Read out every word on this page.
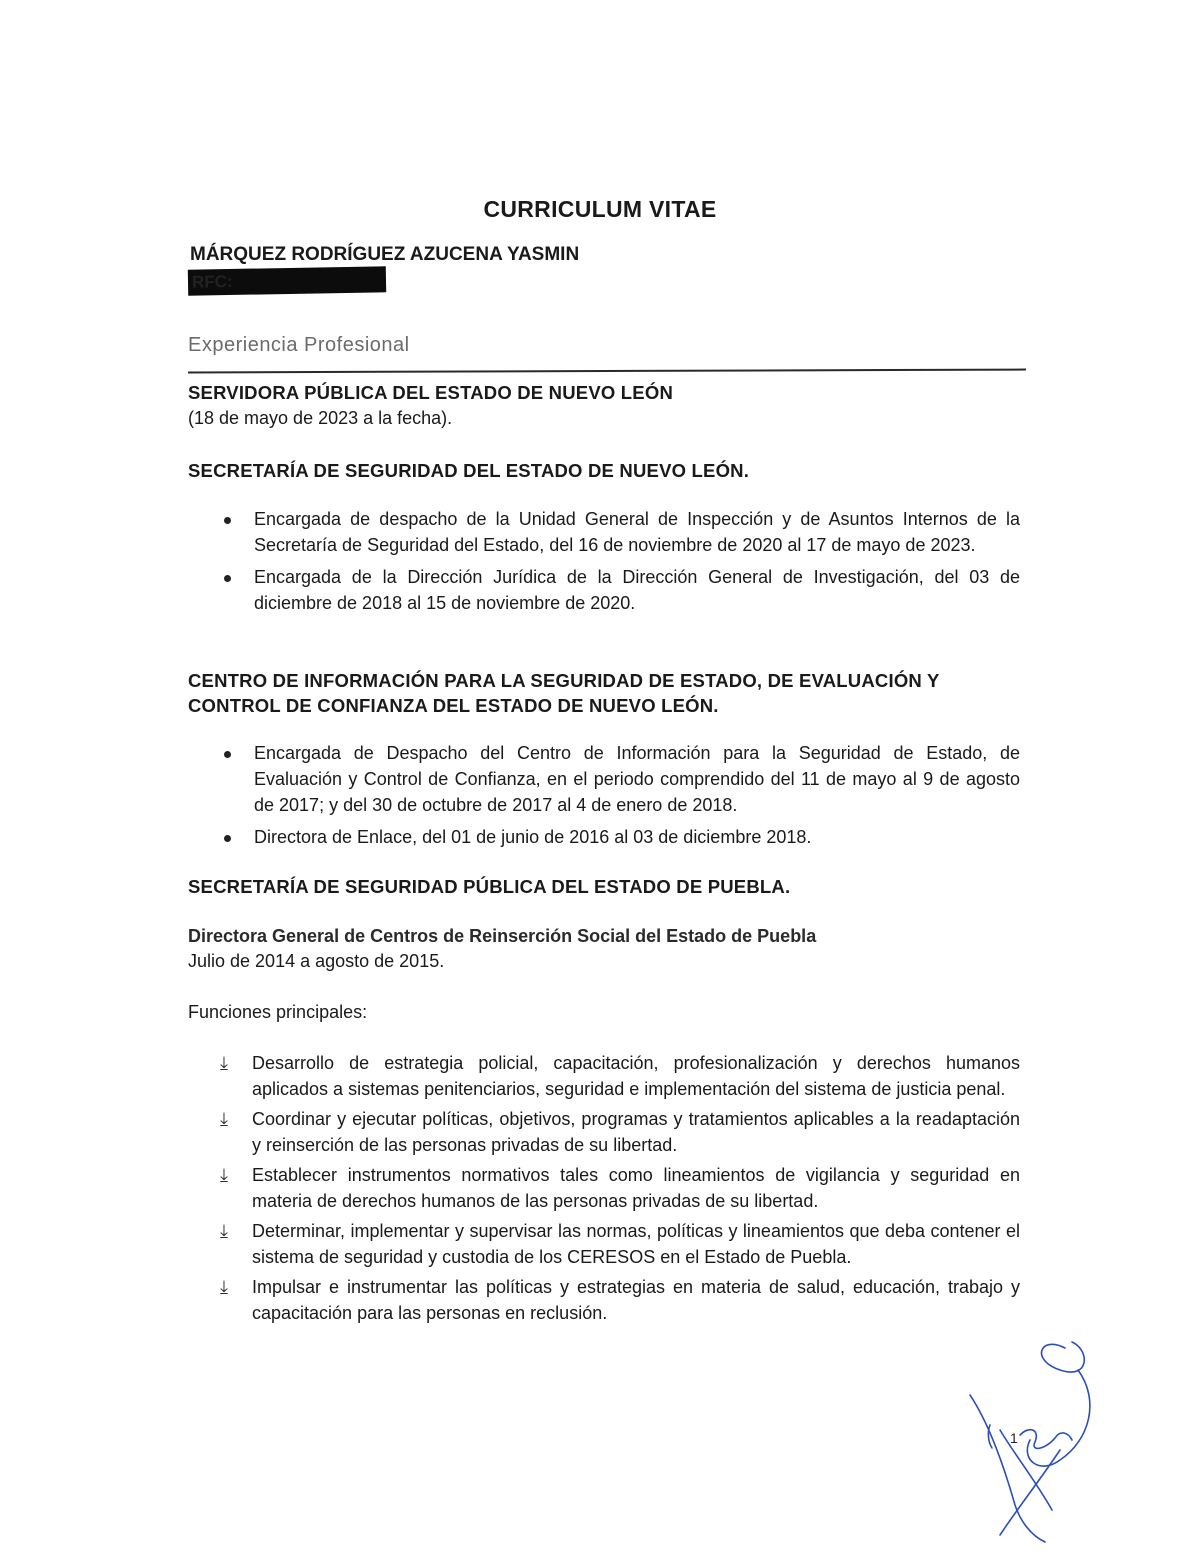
CURRICULUM VITAE
MÁRQUEZ RODRÍGUEZ AZUCENA YASMIN
RFC:
Experiencia Profesional
SERVIDORA PÚBLICA DEL ESTADO DE NUEVO LEÓN
(18 de mayo de 2023 a la fecha).
SECRETARÍA DE SEGURIDAD DEL ESTADO DE NUEVO LEÓN.
Encargada de despacho de la Unidad General de Inspección y de Asuntos Internos de la Secretaría de Seguridad del Estado, del 16 de noviembre de 2020 al 17 de mayo de 2023.
Encargada de la Dirección Jurídica de la Dirección General de Investigación, del 03 de diciembre de 2018 al 15 de noviembre de 2020.
CENTRO DE INFORMACIÓN PARA LA SEGURIDAD DE ESTADO, DE EVALUACIÓN Y
CONTROL DE CONFIANZA DEL ESTADO DE NUEVO LEÓN.
Encargada de Despacho del Centro de Información para la Seguridad de Estado, de Evaluación y Control de Confianza, en el periodo comprendido del 11 de mayo al 9 de agosto de 2017; y del 30 de octubre de 2017 al 4 de enero de 2018.
Directora de Enlace, del 01 de junio de 2016 al 03 de diciembre 2018.
SECRETARÍA DE SEGURIDAD PÚBLICA DEL ESTADO DE PUEBLA.
Directora General de Centros de Reinserción Social del Estado de Puebla
Julio de 2014 a agosto de 2015.
Funciones principales:
⤓ Desarrollo de estrategia policial, capacitación, profesionalización y derechos humanos aplicados a sistemas penitenciarios, seguridad e implementación del sistema de justicia penal.
⤓ Coordinar y ejecutar políticas, objetivos, programas y tratamientos aplicables a la readaptación y reinserción de las personas privadas de su libertad.
⤓ Establecer instrumentos normativos tales como lineamientos de vigilancia y seguridad en materia de derechos humanos de las personas privadas de su libertad.
⤓ Determinar, implementar y supervisar las normas, políticas y lineamientos que deba contener el sistema de seguridad y custodia de los CERESOS en el Estado de Puebla.
⤓ Impulsar e instrumentar las políticas y estrategias en materia de salud, educación, trabajo y capacitación para las personas en reclusión.
1
